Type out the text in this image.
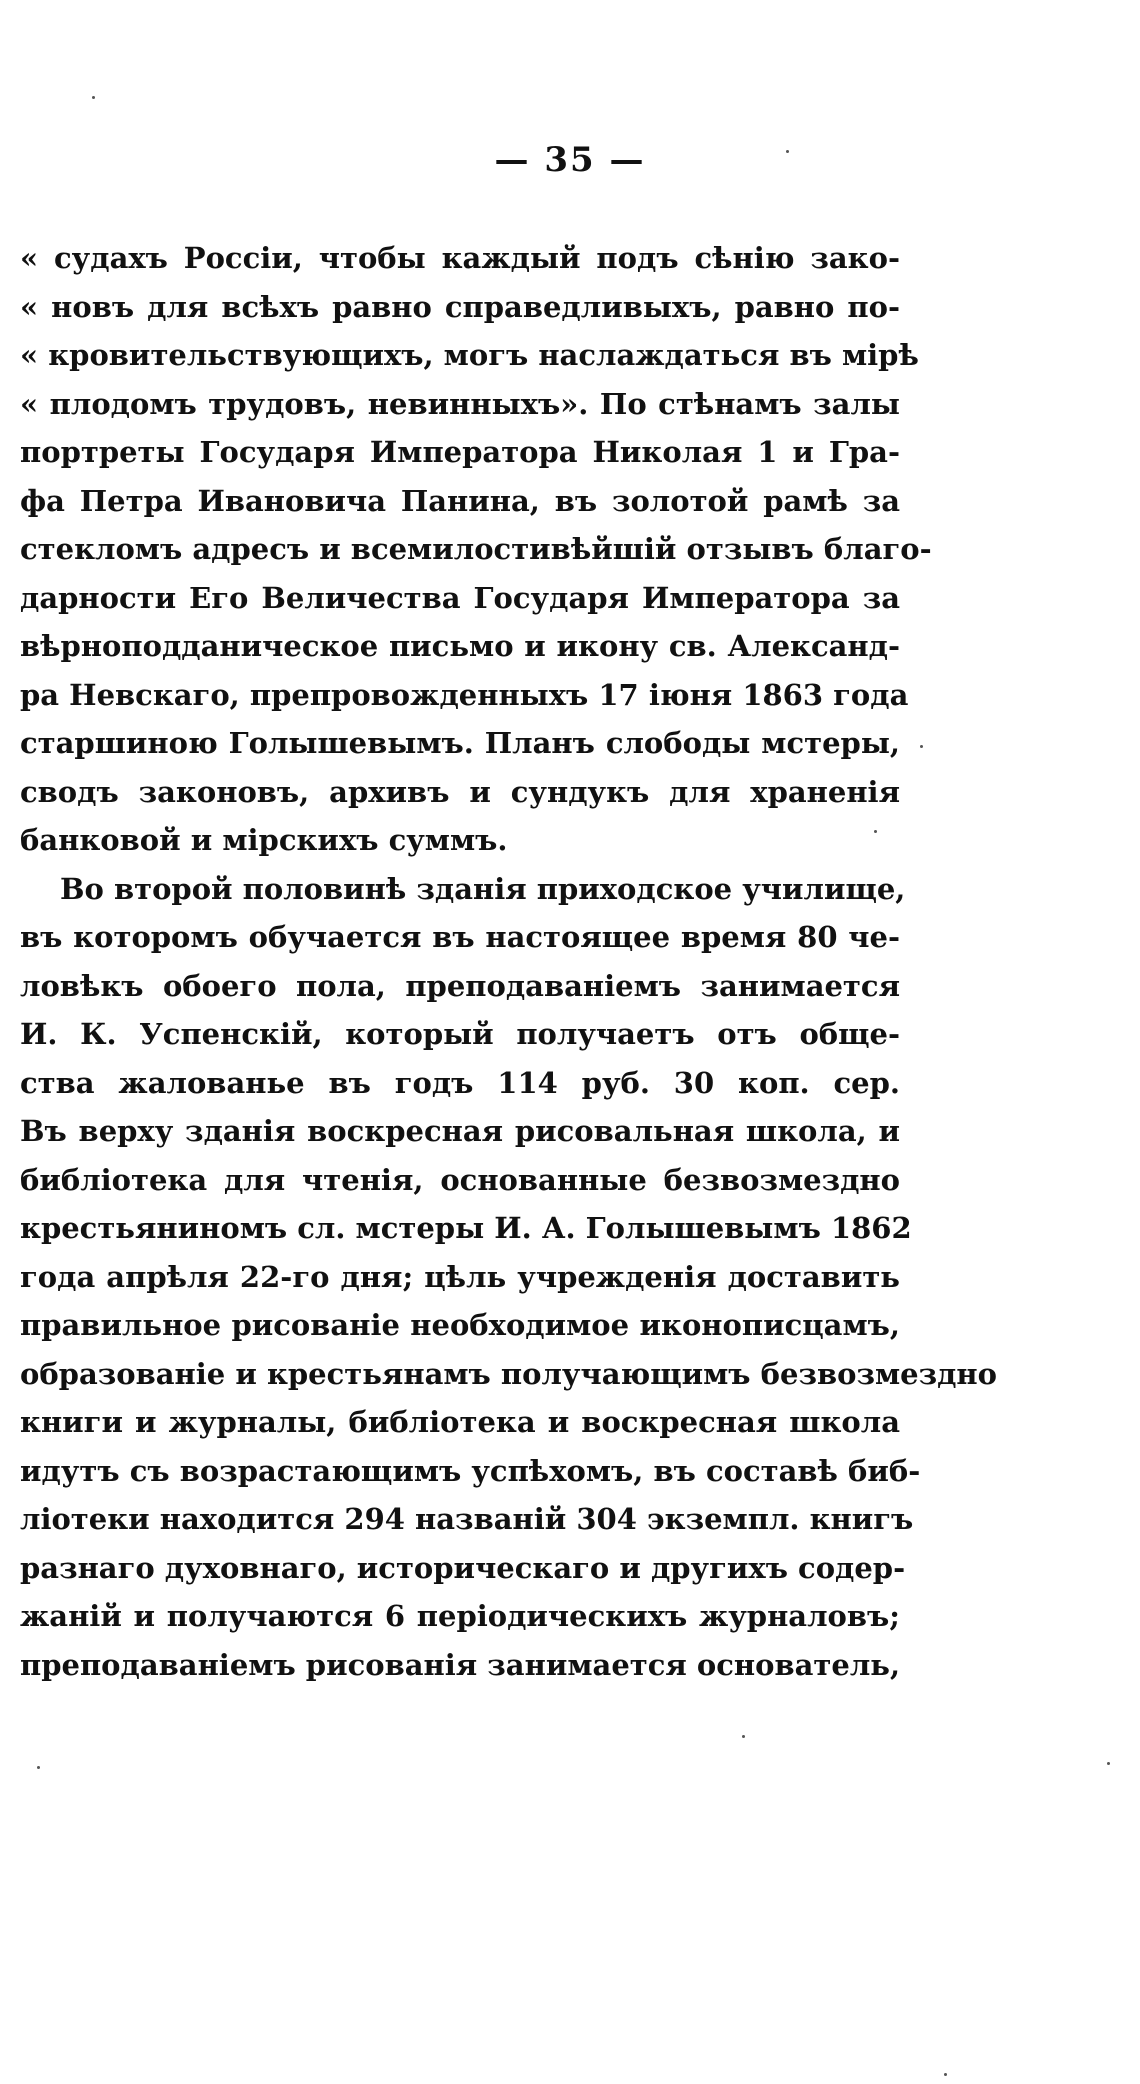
— 35 —
« судахъ Россіи, чтобы каждый подъ сѣнію зако-
« новъ для всѣхъ равно справедливыхъ, равно по-
« кровительствующихъ, могъ наслаждаться въ мірѣ
« плодомъ трудовъ, невинныхъ». По стѣнамъ залы
портреты Государя Императора Николая 1 и Гра-
фа Петра Ивановича Панина, въ золотой рамѣ за
стекломъ адресъ и всемилостивѣйшій отзывъ благо-
дарности Его Величества Государя Императора за
вѣрноподданическое письмо и икону св. Александ-
ра Невскаго, препровожденныхъ 17 іюня 1863 года
старшиною Голышевымъ. Планъ слободы мстеры,
сводъ законовъ, архивъ и сундукъ для храненія
банковой и мірскихъ суммъ.
Во второй половинѣ зданія приходское училище,
въ которомъ обучается въ настоящее время 80 че-
ловѣкъ обоего пола, преподаваніемъ занимается
И. К. Успенскій, который получаетъ отъ обще-
ства жалованье въ годъ 114 руб. 30 коп. сер.
Въ верху зданія воскресная рисовальная школа, и
библіотека для чтенія, основанные безвозмездно
крестьяниномъ сл. мстеры И. А. Голышевымъ 1862
года апрѣля 22-го дня; цѣль учрежденія доставить
правильное рисованіе необходимое иконописцамъ,
образованіе и крестьянамъ получающимъ безвозмездно
книги и журналы, библіотека и воскресная школа
идутъ съ возрастающимъ успѣхомъ, въ составѣ биб-
ліотеки находится 294 названій 304 экземпл. книгъ
разнаго духовнаго, историческаго и другихъ содер-
жаній и получаются 6 періодическихъ журналовъ;
преподаваніемъ рисованія занимается основатель,
